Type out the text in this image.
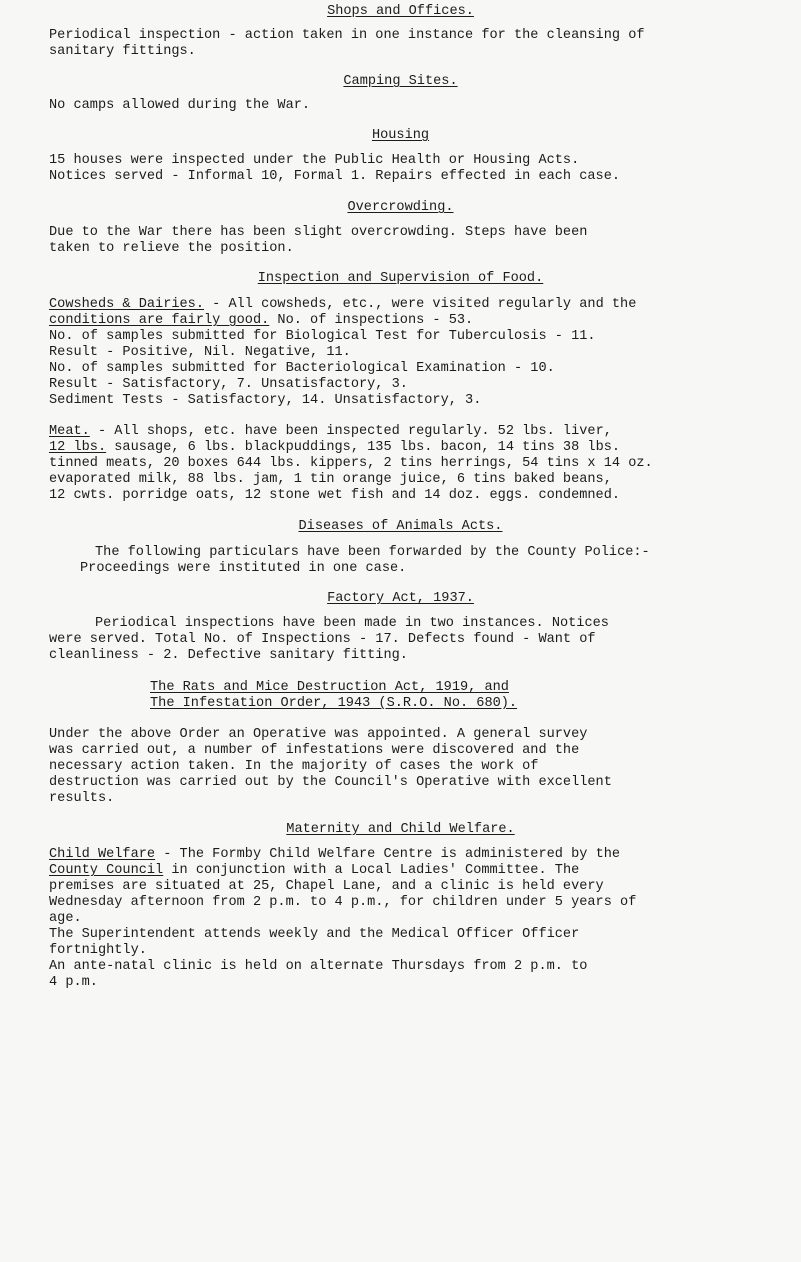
Shops and Offices.
Periodical inspection - action taken in one instance for the cleansing of
sanitary fittings.
Camping Sites.
No camps allowed during the War.
Housing
15 houses were inspected under the Public Health or Housing Acts.
Notices served - Informal 10, Formal 1. Repairs effected in each case.
Overcrowding.
Due to the War there has been slight overcrowding. Steps have been
taken to relieve the position.
Inspection and Supervision of Food.
Cowsheds & Dairies. - All cowsheds, etc., were visited regularly and the
conditions are fairly good. No. of inspections - 53.
No. of samples submitted for Biological Test for Tuberculosis - 11.
Result - Positive, Nil. Negative, 11.
No. of samples submitted for Bacteriological Examination - 10.
Result - Satisfactory, 7. Unsatisfactory, 3.
Sediment Tests - Satisfactory, 14. Unsatisfactory, 3.
Meat. - All shops, etc. have been inspected regularly. 52 lbs. liver,
12 lbs. sausage, 6 lbs. blackpuddings, 135 lbs. bacon, 14 tins 38 lbs.
tinned meats, 20 boxes 644 lbs. kippers, 2 tins herrings, 54 tins x 14 oz.
evaporated milk, 88 lbs. jam, 1 tin orange juice, 6 tins baked beans,
12 cwts. porridge oats, 12 stone wet fish and 14 doz. eggs. condemned.
Diseases of Animals Acts.
The following particulars have been forwarded by the County Police:-
Proceedings were instituted in one case.
Factory Act, 1937.
Periodical inspections have been made in two instances. Notices
were served. Total No. of Inspections - 17. Defects found - Want of
cleanliness - 2. Defective sanitary fitting.
The Rats and Mice Destruction Act, 1919, and
The Infestation Order, 1943 (S.R.O. No. 680).
Under the above Order an Operative was appointed. A general survey
was carried out, a number of infestations were discovered and the
necessary action taken. In the majority of cases the work of
destruction was carried out by the Council's Operative with excellent
results.
Maternity and Child Welfare.
Child Welfare - The Formby Child Welfare Centre is administered by the
County Council in conjunction with a Local Ladies' Committee. The
premises are situated at 25, Chapel Lane, and a clinic is held every
Wednesday afternoon from 2 p.m. to 4 p.m., for children under 5 years of
age.
The Superintendent attends weekly and the Medical Officer Officer
fortnightly.
An ante-natal clinic is held on alternate Thursdays from 2 p.m. to
4 p.m.
